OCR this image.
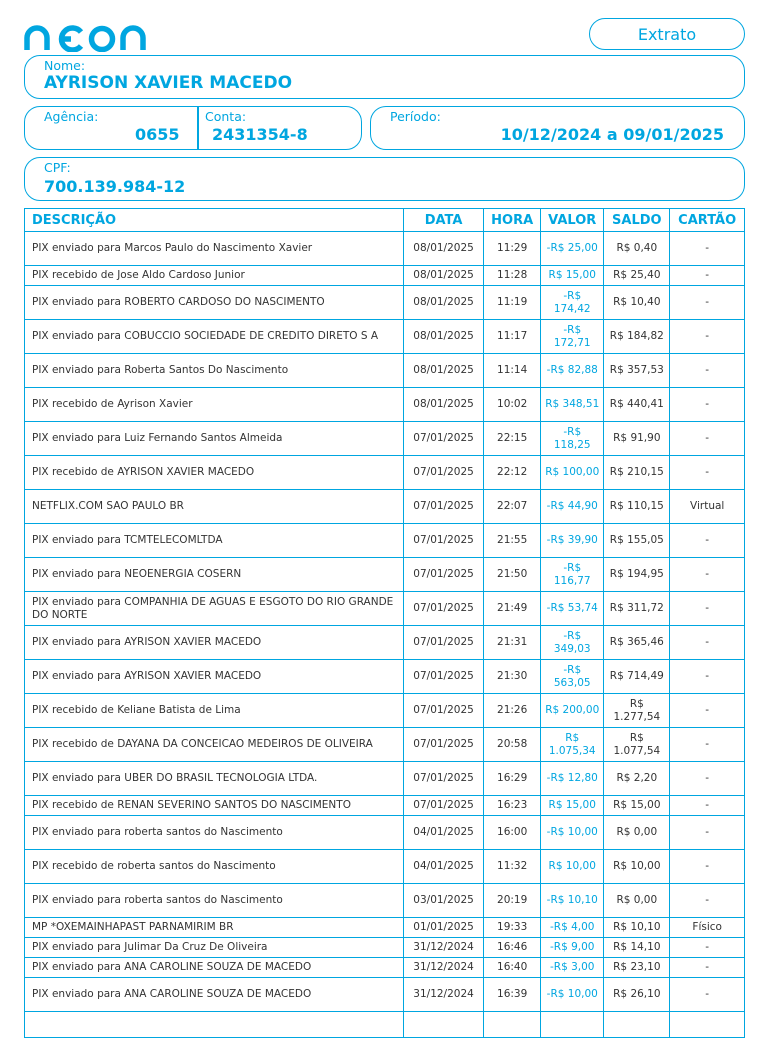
Extrato
Nome:
AYRISON XAVIER MACEDO
Agência:
0655
Conta:
2431354-8
Período:
10/12/2024 a 09/01/2025
CPF:
700.139.984-12
DESCRIÇÃO	DATA	HORA	VALOR	SALDO	CARTÃO
PIX enviado para Marcos Paulo do Nascimento Xavier	08/01/2025	11:29	-R$ 25,00	R$ 0,40	-
PIX recebido de Jose Aldo Cardoso Junior	08/01/2025	11:28	R$ 15,00	R$ 25,40	-
PIX enviado para ROBERTO CARDOSO DO NASCIMENTO	08/01/2025	11:19	-R$ 174,42	R$ 10,40	-
PIX enviado para COBUCCIO SOCIEDADE DE CREDITO DIRETO S A	08/01/2025	11:17	-R$ 172,71	R$ 184,82	-
PIX enviado para Roberta Santos Do Nascimento	08/01/2025	11:14	-R$ 82,88	R$ 357,53	-
PIX recebido de Ayrison Xavier	08/01/2025	10:02	R$ 348,51	R$ 440,41	-
PIX enviado para Luiz Fernando Santos Almeida	07/01/2025	22:15	-R$ 118,25	R$ 91,90	-
PIX recebido de AYRISON XAVIER MACEDO	07/01/2025	22:12	R$ 100,00	R$ 210,15	-
NETFLIX.COM SAO PAULO BR	07/01/2025	22:07	-R$ 44,90	R$ 110,15	Virtual
PIX enviado para TCMTELECOMLTDA	07/01/2025	21:55	-R$ 39,90	R$ 155,05	-
PIX enviado para NEOENERGIA COSERN	07/01/2025	21:50	-R$ 116,77	R$ 194,95	-
PIX enviado para COMPANHIA DE AGUAS E ESGOTO DO RIO GRANDE DO NORTE	07/01/2025	21:49	-R$ 53,74	R$ 311,72	-
PIX enviado para AYRISON XAVIER MACEDO	07/01/2025	21:31	-R$ 349,03	R$ 365,46	-
PIX enviado para AYRISON XAVIER MACEDO	07/01/2025	21:30	-R$ 563,05	R$ 714,49	-
PIX recebido de Keliane Batista de Lima	07/01/2025	21:26	R$ 200,00	R$ 1.277,54	-
PIX recebido de DAYANA DA CONCEICAO MEDEIROS DE OLIVEIRA	07/01/2025	20:58	R$ 1.075,34	R$ 1.077,54	-
PIX enviado para UBER DO BRASIL TECNOLOGIA LTDA.	07/01/2025	16:29	-R$ 12,80	R$ 2,20	-
PIX recebido de RENAN SEVERINO SANTOS DO NASCIMENTO	07/01/2025	16:23	R$ 15,00	R$ 15,00	-
PIX enviado para roberta santos do Nascimento	04/01/2025	16:00	-R$ 10,00	R$ 0,00	-
PIX recebido de roberta santos do Nascimento	04/01/2025	11:32	R$ 10,00	R$ 10,00	-
PIX enviado para roberta santos do Nascimento	03/01/2025	20:19	-R$ 10,10	R$ 0,00	-
MP *OXEMAINHAPAST PARNAMIRIM BR	01/01/2025	19:33	-R$ 4,00	R$ 10,10	Físico
PIX enviado para Julimar Da Cruz De Oliveira	31/12/2024	16:46	-R$ 9,00	R$ 14,10	-
PIX enviado para ANA CAROLINE SOUZA DE MACEDO	31/12/2024	16:40	-R$ 3,00	R$ 23,10	-
PIX enviado para ANA CAROLINE SOUZA DE MACEDO	31/12/2024	16:39	-R$ 10,00	R$ 26,10	-
